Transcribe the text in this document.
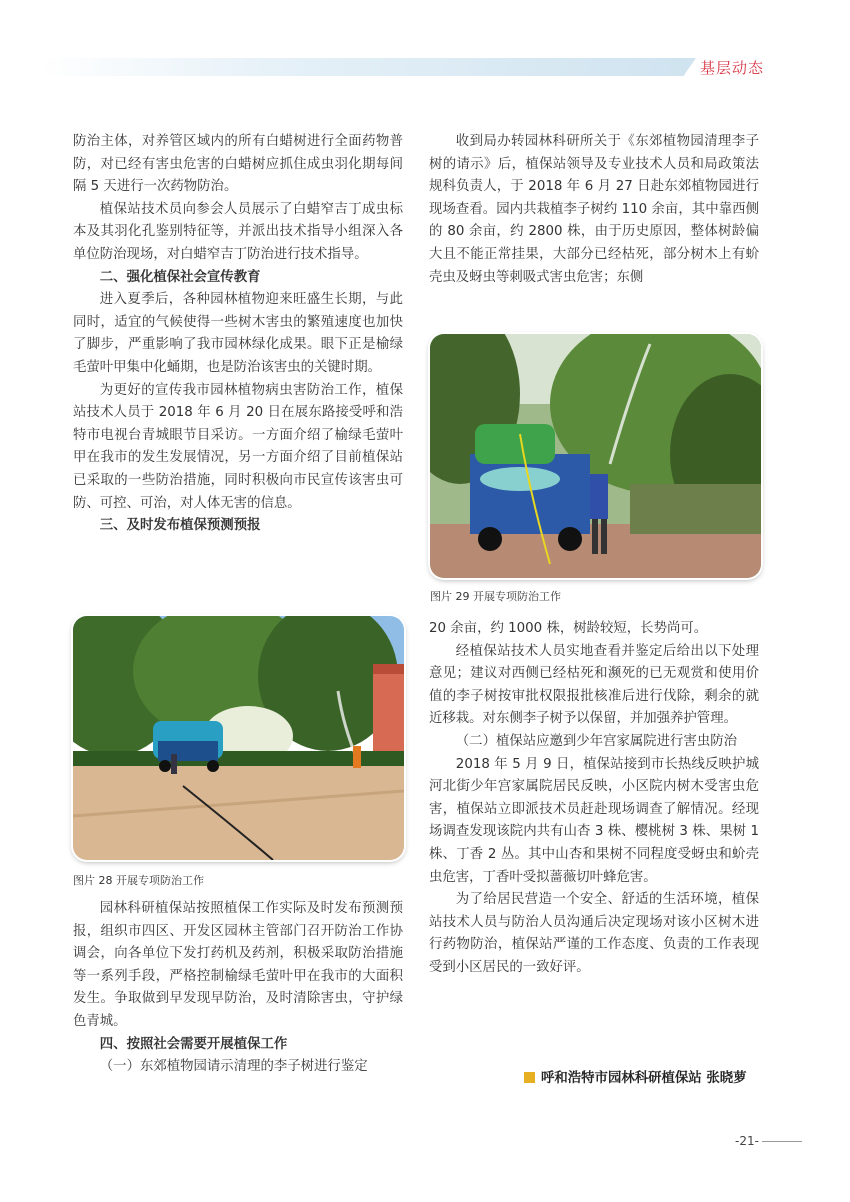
基层动态

防治主体，对养管区域内的所有白蜡树进行全面药物普防，对已经有害虫危害的白蜡树应抓住成虫羽化期每间隔 5 天进行一次药物防治。

植保站技术员向参会人员展示了白蜡窄吉丁成虫标本及其羽化孔鉴别特征等，并派出技术指导小组深入各单位防治现场，对白蜡窄吉丁防治进行技术指导。

二、强化植保社会宣传教育

进入夏季后，各种园林植物迎来旺盛生长期，与此同时，适宜的气候使得一些树木害虫的繁殖速度也加快了脚步，严重影响了我市园林绿化成果。眼下正是榆绿毛萤叶甲集中化蛹期，也是防治该害虫的关键时期。

为更好的宣传我市园林植物病虫害防治工作，植保站技术人员于 2018 年 6 月 20 日在展东路接受呼和浩特市电视台青城眼节目采访。一方面介绍了榆绿毛萤叶甲在我市的发生发展情况，另一方面介绍了目前植保站已采取的一些防治措施，同时积极向市民宣传该害虫可防、可控、可治，对人体无害的信息。

三、及时发布植保预测预报
图片 28 开展专项防治工作

园林科研植保站按照植保工作实际及时发布预测预报，组织市四区、开发区园林主管部门召开防治工作协调会，向各单位下发打药机及药剂，积极采取防治措施等一系列手段，严格控制榆绿毛萤叶甲在我市的大面积发生。争取做到早发现早防治，及时清除害虫，守护绿色青城。

四、按照社会需要开展植保工作

（一）东郊植物园请示清理的李子树进行鉴定

收到局办转园林科研所关于《东郊植物园清理李子树的请示》后，植保站领导及专业技术人员和局政策法规科负责人，于 2018 年 6 月 27 日赴东郊植物园进行现场查看。园内共栽植李子树约 110 余亩，其中靠西侧的 80 余亩，约 2800 株，由于历史原因，整体树龄偏大且不能正常挂果，大部分已经枯死，部分树木上有蚧壳虫及蚜虫等刺吸式害虫危害；东侧

图片 29 开展专项防治工作

20 余亩，约 1000 株，树龄较短，长势尚可。

经植保站技术人员实地查看并鉴定后给出以下处理意见；建议对西侧已经枯死和濒死的已无观赏和使用价值的李子树按审批权限报批核准后进行伐除，剩余的就近移栽。对东侧李子树予以保留，并加强养护管理。

（二）植保站应邀到少年宫家属院进行害虫防治

2018 年 5 月 9 日，植保站接到市长热线反映护城河北街少年宫家属院居民反映，小区院内树木受害虫危害，植保站立即派技术员赶赴现场调查了解情况。经现场调查发现该院内共有山杏 3 株、樱桃树 3 株、果树 1 株、丁香 2 丛。其中山杏和果树不同程度受蚜虫和蚧壳虫危害，丁香叶受拟蔷薇切叶蜂危害。

为了给居民营造一个安全、舒适的生活环境，植保站技术人员与防治人员沟通后决定现场对该小区树木进行药物防治，植保站严谨的工作态度、负责的工作表现受到小区居民的一致好评。

呼和浩特市园林科研植保站 张晓萝
-21-
